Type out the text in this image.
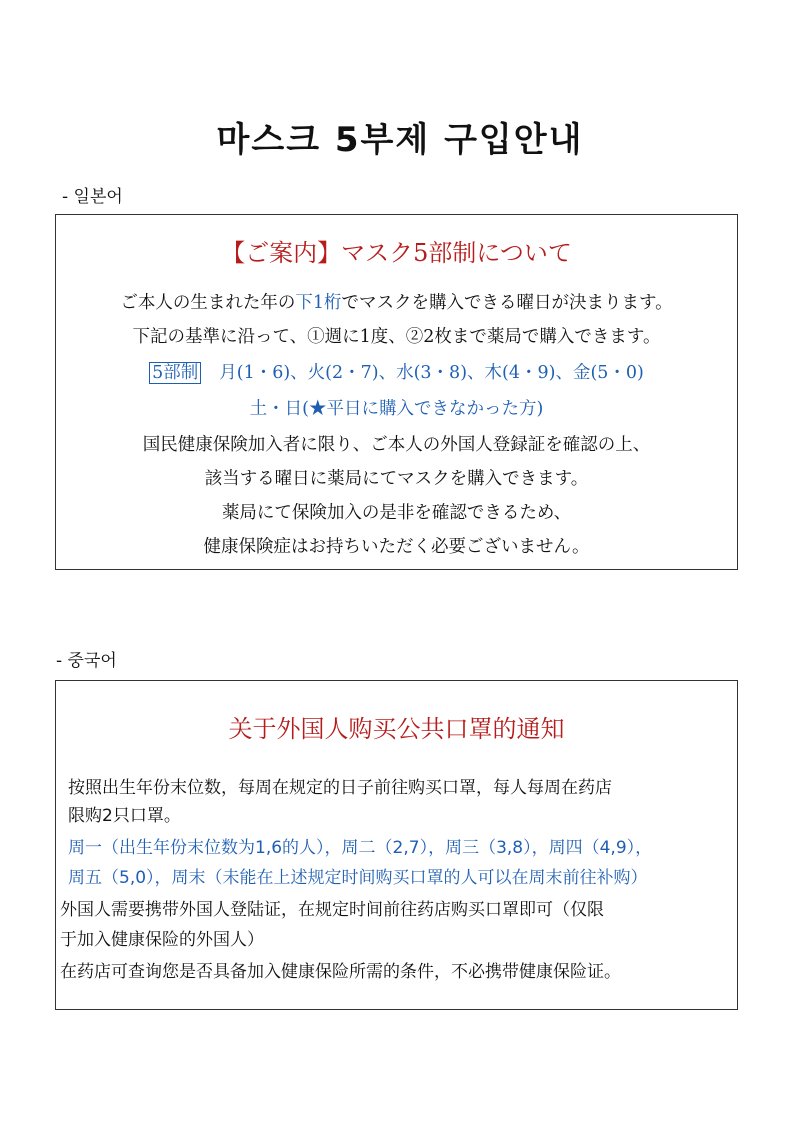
마스크 5부제 구입안내
- 일본어
【ご案内】マスク5部制について
ご本人の生まれた年の下1桁でマスクを購入できる曜日が決まります。
下記の基準に沿って、①週に1度、②2枚まで薬局で購入できます。
5部制 月(1・6)、火(2・7)、水(3・8)、木(4・9)、金(5・0)
土・日(★平日に購入できなかった方)
国民健康保険加入者に限り、ご本人の外国人登録証を確認の上、
該当する曜日に薬局にてマスクを購入できます。
薬局にて保険加入の是非を確認できるため、
健康保険症はお持ちいただく必要ございません。
- 중국어
关于外国人购买公共口罩的通知
按照出生年份末位数，每周在规定的日子前往购买口罩，每人每周在药店
限购2只口罩。
周一（出生年份末位数为1,6的人），周二（2,7），周三（3,8），周四（4,9），
周五（5,0），周末（未能在上述规定时间购买口罩的人可以在周末前往补购）
外国人需要携带外国人登陆证，在规定时间前往药店购买口罩即可（仅限
于加入健康保险的外国人）
在药店可查询您是否具备加入健康保险所需的条件，不必携带健康保险证。
